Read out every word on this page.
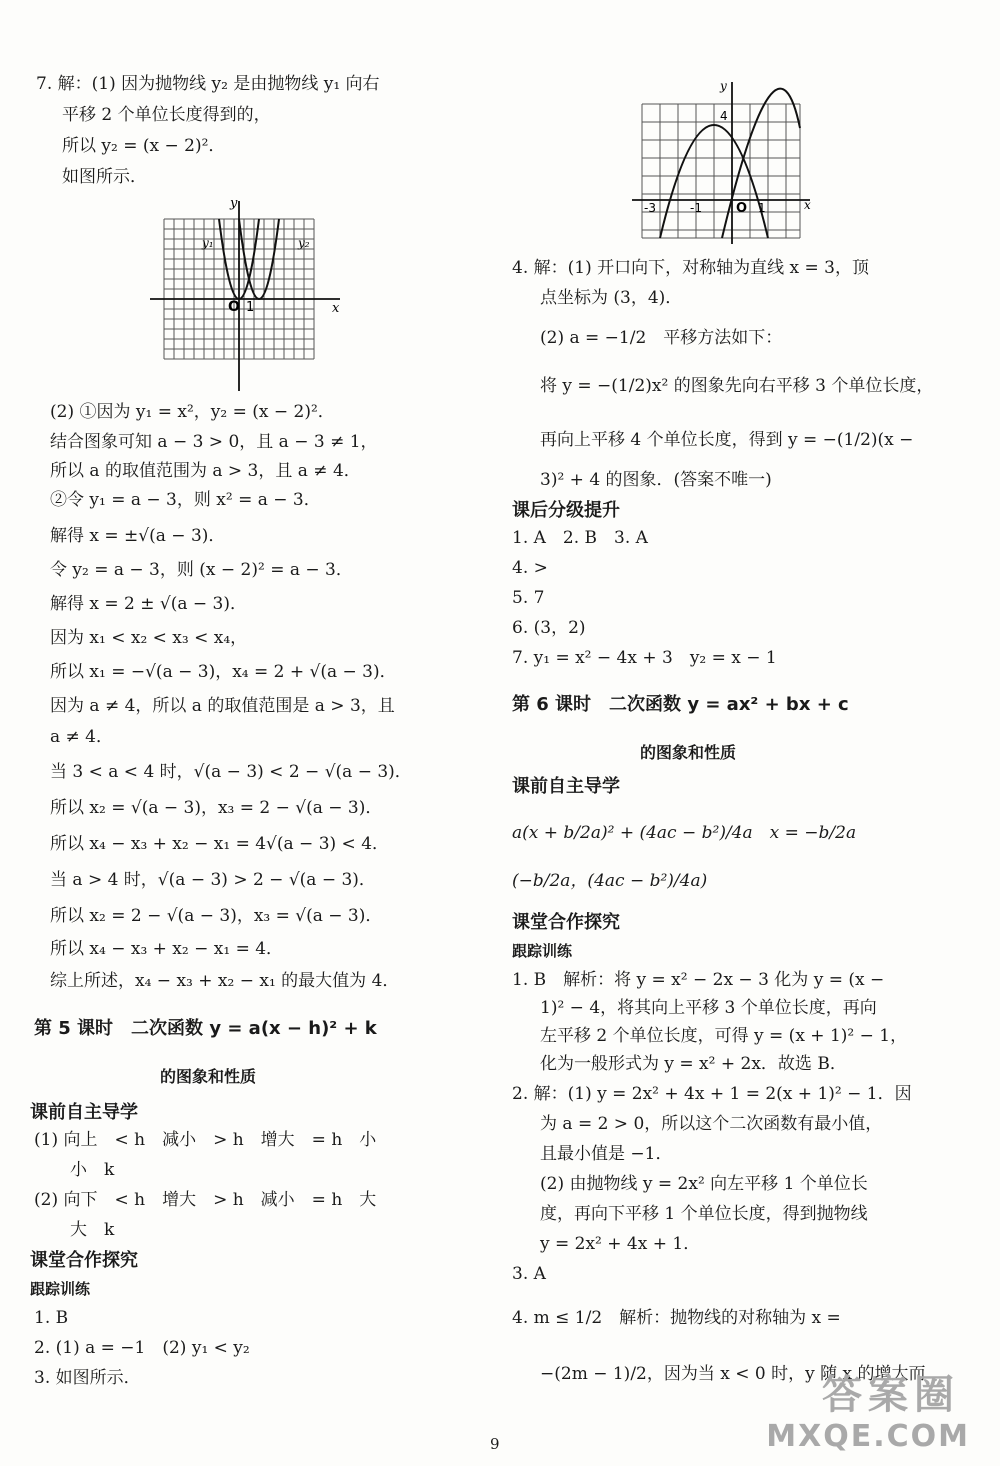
7. 解：(1) 因为抛物线 y₂ 是由抛物线 y₁ 向右
平移 2 个单位长度得到的，
所以 y₂ = (x − 2)²．
如图所示．
x
y
O 1
y₁	y₂
(2) ①因为 y₁ = x²，y₂ = (x − 2)²．
结合图象可知 a − 3 > 0，且 a − 3 ≠ 1，
所以 a 的取值范围为 a > 3，且 a ≠ 4．
②令 y₁ = a − 3，则 x² = a − 3．
解得 x = ±√(a − 3)．
令 y₂ = a − 3，则 (x − 2)² = a − 3．
解得 x = 2 ± √(a − 3)．
因为 x₁ < x₂ < x₃ < x₄，
所以 x₁ = −√(a − 3)，x₄ = 2 + √(a − 3)．
因为 a ≠ 4，所以 a 的取值范围是 a > 3，且
a ≠ 4．
当 3 < a < 4 时，√(a − 3) < 2 − √(a − 3)．
所以 x₂ = √(a − 3)，x₃ = 2 − √(a − 3)．
所以 x₄ − x₃ + x₂ − x₁ = 4√(a − 3) < 4．
当 a > 4 时，√(a − 3) > 2 − √(a − 3)．
所以 x₂ = 2 − √(a − 3)，x₃ = √(a − 3)．
所以 x₄ − x₃ + x₂ − x₁ = 4．
综上所述，x₄ − x₃ + x₂ − x₁ 的最大值为 4．
第 5 课时　二次函数 y = a(x − h)² + k
的图象和性质
课前自主导学
(1) 向上　< h　减小　> h　增大　= h　小
小　k
(2) 向下　< h　增大　> h　减小　= h　大
大　k
课堂合作探究
跟踪训练
1. B
2. (1) a = −1　(2) y₁ < y₂
3. 如图所示．
x
y
O
-3	-1	1
4
4. 解：(1) 开口向下，对称轴为直线 x = 3，顶
点坐标为 (3，4)．
(2) a = −1/2　平移方法如下：
将 y = −(1/2)x² 的图象先向右平移 3 个单位长度，
再向上平移 4 个单位长度，得到 y = −(1/2)(x −
3)² + 4 的图象．(答案不唯一)
课后分级提升
1. A　2. B　3. A
4. >
5. 7
6. (3，2)
7. y₁ = x² − 4x + 3　y₂ = x − 1
第 6 课时　二次函数 y = ax² + bx + c
的图象和性质
课前自主导学
a(x + b/2a)² + (4ac − b²)/4a　x = −b/2a
(−b/2a，(4ac − b²)/4a)
课堂合作探究
跟踪训练
1. B　解析：将 y = x² − 2x − 3 化为 y = (x −
1)² − 4，将其向上平移 3 个单位长度，再向
左平移 2 个单位长度，可得 y = (x + 1)² − 1，
化为一般形式为 y = x² + 2x．故选 B．
2. 解：(1) y = 2x² + 4x + 1 = 2(x + 1)² − 1．因
为 a = 2 > 0，所以这个二次函数有最小值，
且最小值是 −1．
(2) 由抛物线 y = 2x² 向左平移 1 个单位长
度，再向下平移 1 个单位长度，得到抛物线
y = 2x² + 4x + 1．
3. A
4. m ≤ 1/2　解析：抛物线的对称轴为 x =
−(2m − 1)/2，因为当 x < 0 时，y 随 x 的增大而
9
答案圈
MXQE.COM
